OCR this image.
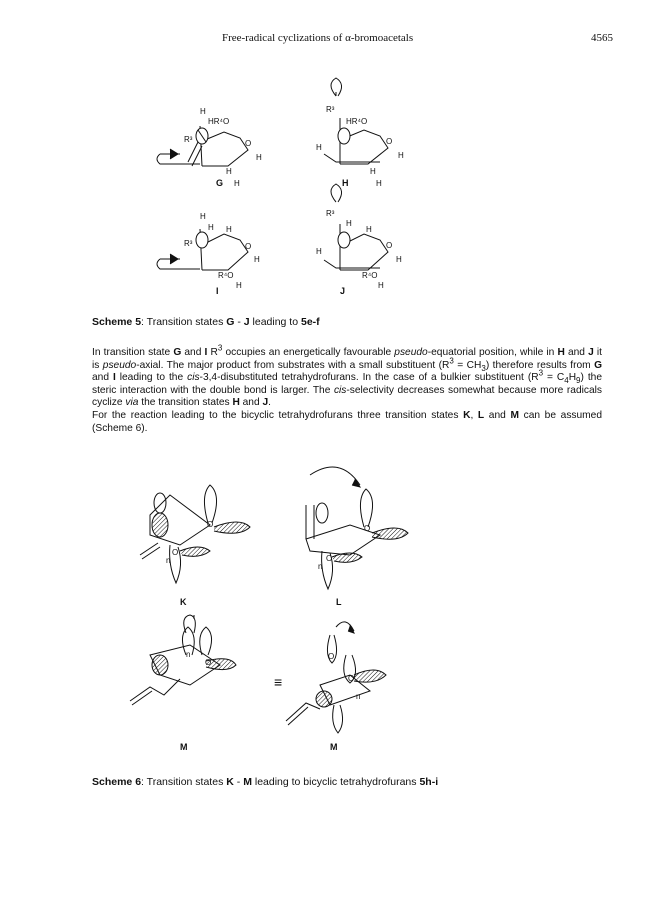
Free-radical cyclizations of α-bromoacetals	4565
H
HR⁴O
O
H
H
H
R³
G
R³
HR⁴O
O
H
H
H
H
H
H
H H
O
H
R³
R⁴O
H
I
R³
H
H
O
H
H
R⁴O
H
J
Scheme 5: Transition states G - J leading to 5e-f

In transition state G and I $R^3$ occupies an energetically favourable pseudo-equatorial position, while in H and J it is pseudo-axial. The major product from substrates with a small substituent $(R^3 = CH_3)$ therefore results from G and I leading to the cis-3,4-disubstituted tetrahydrofurans. In the case of a bulkier substituent $(R^3 = C_4H_9)$ the steric interaction with the double bond is larger. The cis-selectivity decreases somewhat because more radicals cyclize via the transition states H and J.

For the reaction leading to the bicyclic tetrahydrofurans three transition states K, L and M can be assumed (Scheme 6).

O
O
n
K
O
O
n
L
n
O
≡
M
O
O
n
M
Scheme 6: Transition states K - M leading to bicyclic tetrahydrofurans 5h-i
